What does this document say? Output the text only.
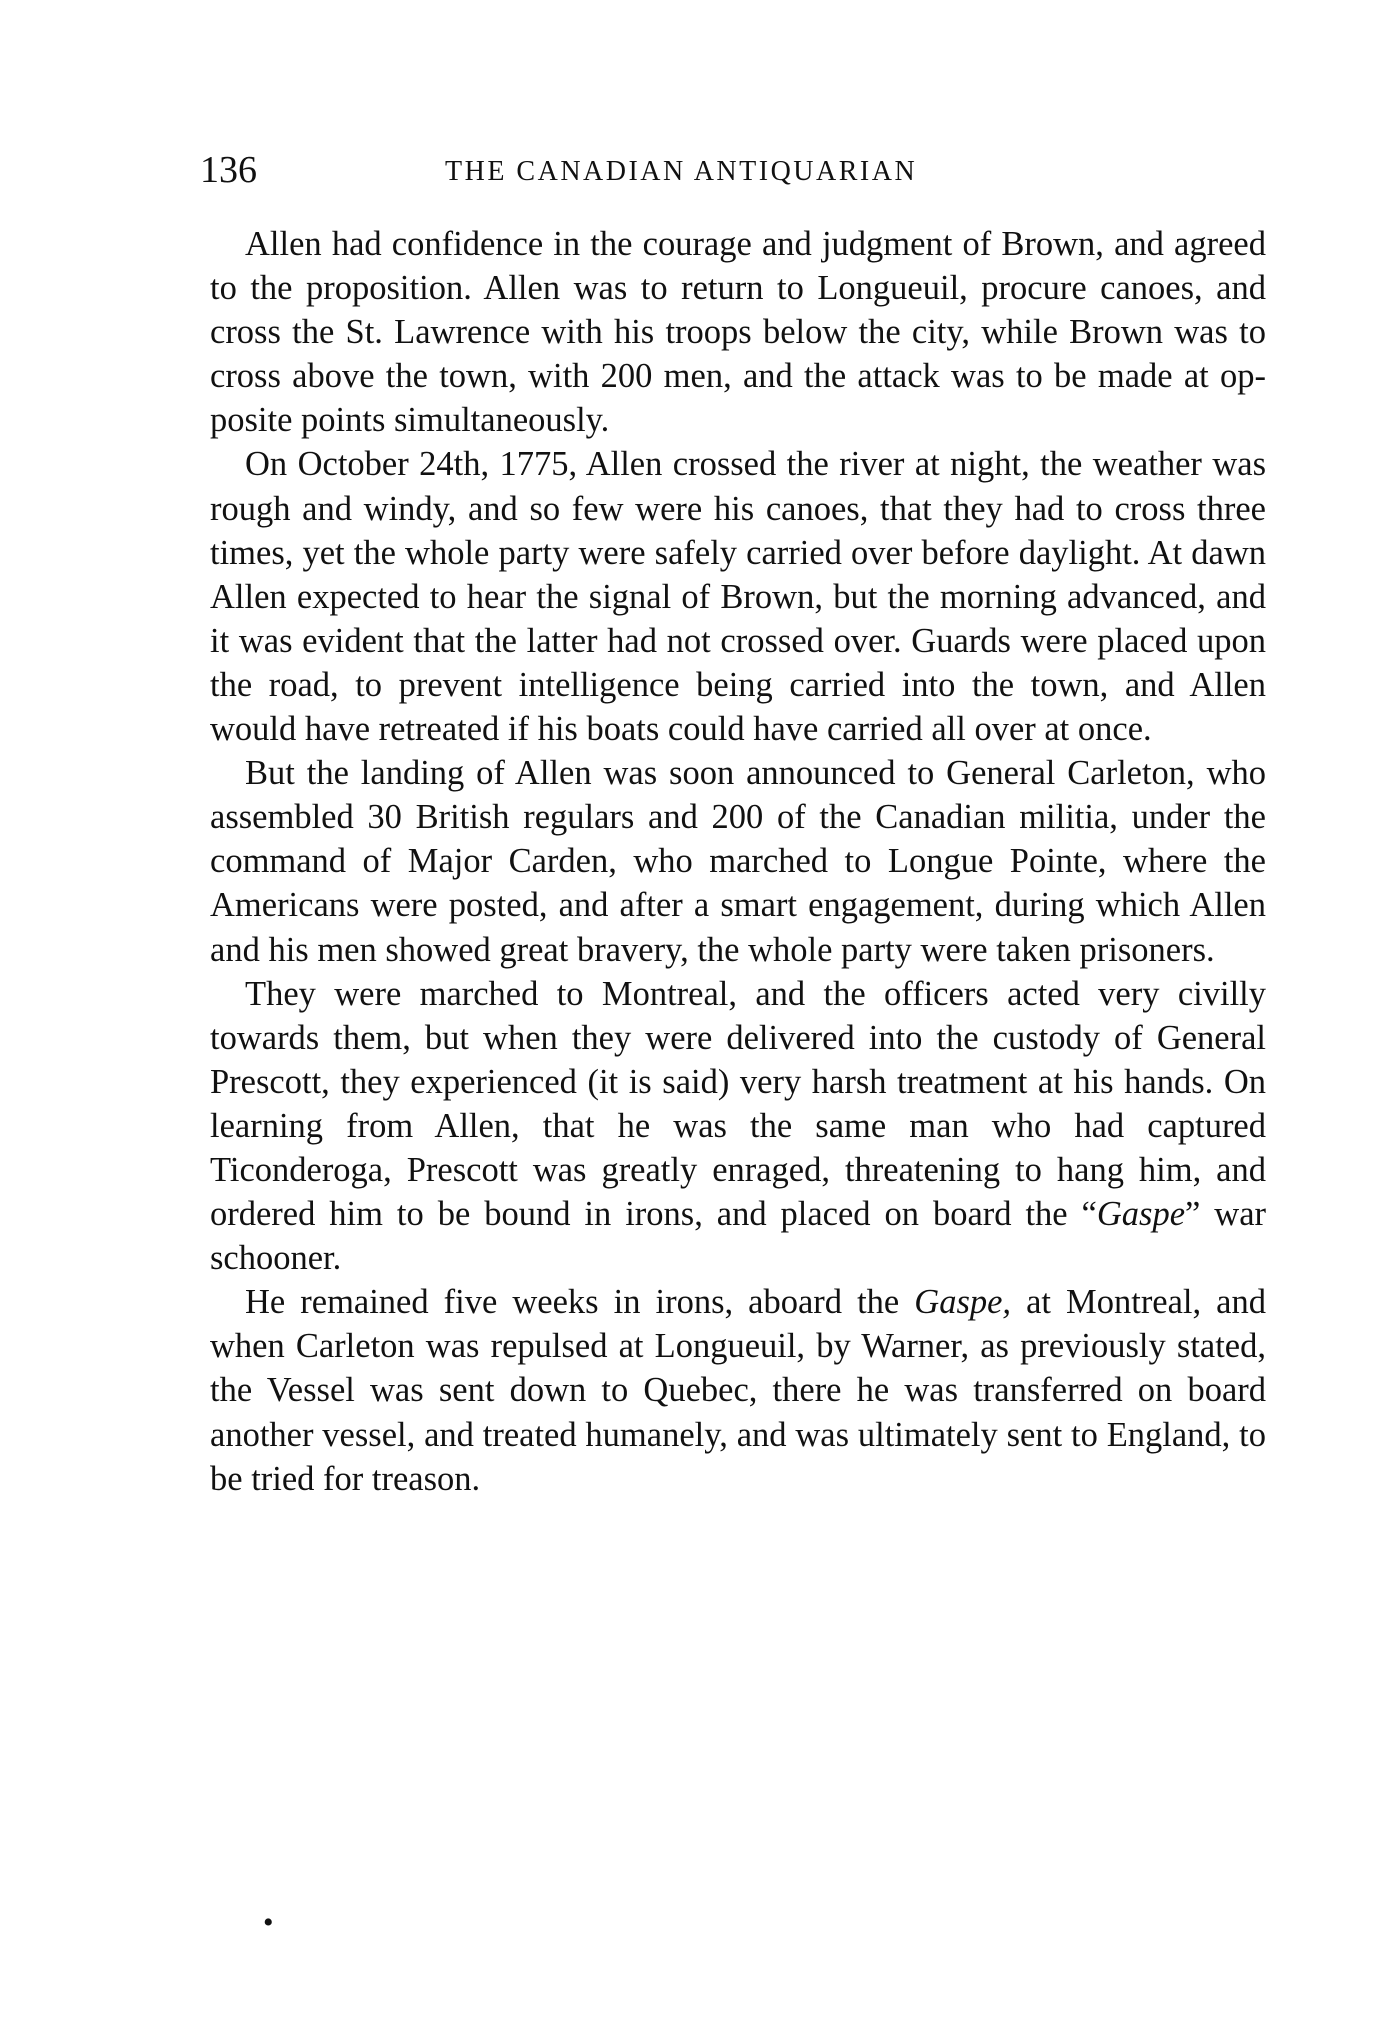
136	THE CANADIAN ANTIQUARIAN

Allen had confidence in the courage and judgment of Brown, and agreed to the proposition. Allen was to return to Longueuil, procure canoes, and cross the St. Lawrence with his troops below the city, while Brown was to cross above the town, with 200 men, and the attack was to be made at opposite points simultaneously.

On October 24th, 1775, Allen crossed the river at night, the weather was rough and windy, and so few were his canoes, that they had to cross three times, yet the whole party were safely carried over before daylight. At dawn Allen expected to hear the signal of Brown, but the morning advanced, and it was evident that the latter had not crossed over. Guards were placed upon the road, to prevent intelligence being carried into the town, and Allen would have retreated if his boats could have carried all over at once.

But the landing of Allen was soon announced to General Carleton, who assembled 30 British regulars and 200 of the Canadian militia, under the command of Major Carden, who marched to Longue Pointe, where the Americans were posted, and after a smart engagement, during which Allen and his men showed great bravery, the whole party were taken prisoners.

They were marched to Montreal, and the officers acted very civilly towards them, but when they were delivered into the custody of General Prescott, they experienced (it is said) very harsh treatment at his hands. On learning from Allen, that he was the same man who had captured Ticonderoga, Prescott was greatly enraged, threatening to hang him, and ordered him to be bound in irons, and placed on board the “Gaspe” war schooner.

He remained five weeks in irons, aboard the Gaspe, at Montreal, and when Carleton was repulsed at Longueuil, by Warner, as previously stated, the Vessel was sent down to Quebec, there he was transferred on board another vessel, and treated humanely, and was ultimately sent to England, to be tried for treason.

•
